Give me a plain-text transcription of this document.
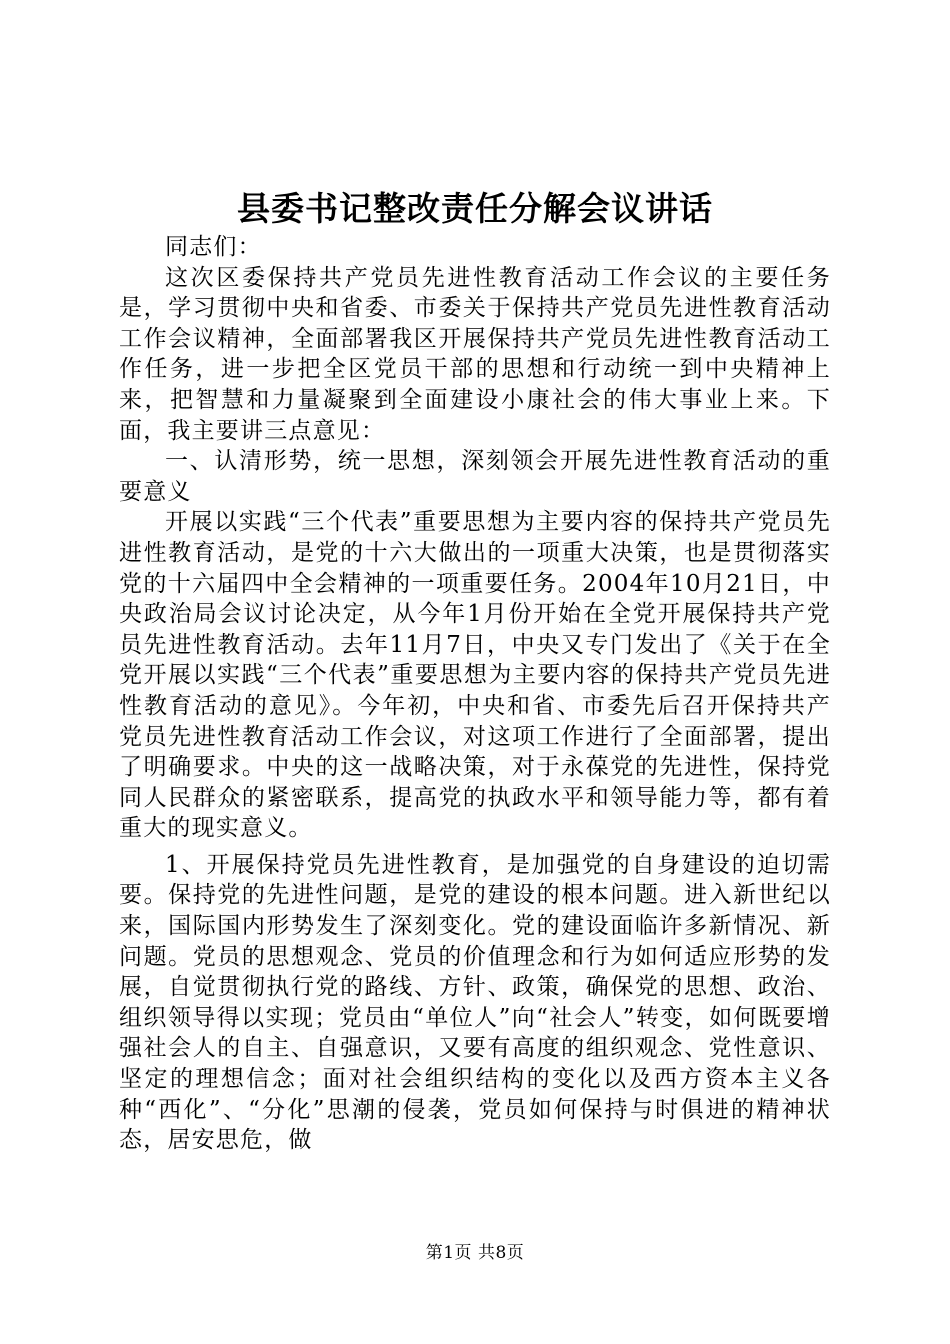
县委书记整改责任分解会议讲话

同志们：

这次区委保持共产党员先进性教育活动工作会议的主要任务是，学习贯彻中央和省委、市委关于保持共产党员先进性教育活动工作会议精神，全面部署我区开展保持共产党员先进性教育活动工作任务，进一步把全区党员干部的思想和行动统一到中央精神上来，把智慧和力量凝聚到全面建设小康社会的伟大事业上来。下面，我主要讲三点意见：

一、认清形势，统一思想，深刻领会开展先进性教育活动的重要意义

开展以实践“三个代表”重要思想为主要内容的保持共产党员先进性教育活动，是党的十六大做出的一项重大决策，也是贯彻落实党的十六届四中全会精神的一项重要任务。2004年10月21日，中央政治局会议讨论决定，从今年1月份开始在全党开展保持共产党员先进性教育活动。去年11月7日，中央又专门发出了《关于在全党开展以实践“三个代表”重要思想为主要内容的保持共产党员先进性教育活动的意见》。今年初，中央和省、市委先后召开保持共产党员先进性教育活动工作会议，对这项工作进行了全面部署，提出了明确要求。中央的这一战略决策，对于永葆党的先进性，保持党同人民群众的紧密联系，提高党的执政水平和领导能力等，都有着重大的现实意义。

1、开展保持党员先进性教育，是加强党的自身建设的迫切需要。保持党的先进性问题，是党的建设的根本问题。进入新世纪以来，国际国内形势发生了深刻变化。党的建设面临许多新情况、新问题。党员的思想观念、党员的价值理念和行为如何适应形势的发展，自觉贯彻执行党的路线、方针、政策，确保党的思想、政治、组织领导得以实现；党员由“单位人”向“社会人”转变，如何既要增强社会人的自主、自强意识，又要有高度的组织观念、党性意识、坚定的理想信念；面对社会组织结构的变化以及西方资本主义各种“西化”、“分化”思潮的侵袭，党员如何保持与时俱进的精神状态，居安思危，做

第1页 共8页
